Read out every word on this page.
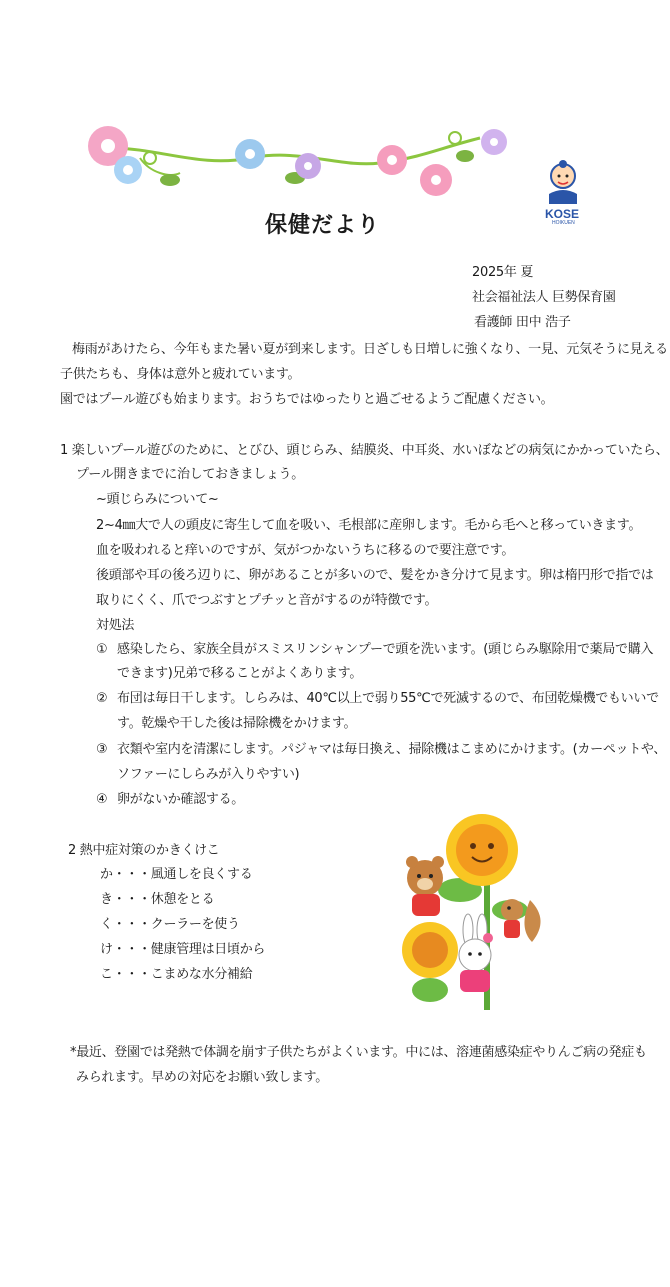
KOSE
HOIKUEN
保健だより
2025年 夏
社会福祉法人 巨勢保育園
看護師 田中 浩子
梅雨があけたら、今年もまた暑い夏が到来します。日ざしも日増しに強くなり、一見、元気そうに見える
子供たちも、身体は意外と疲れています。
園ではプール遊びも始まります。おうちではゆったりと過ごせるようご配慮ください。
1 楽しいプール遊びのために、とびひ、頭じらみ、結膜炎、中耳炎、水いぼなどの病気にかかっていたら、
プール開きまでに治しておきましょう。
~頭じらみについて~
2~4㎜大で人の頭皮に寄生して血を吸い、毛根部に産卵します。毛から毛へと移っていきます。
血を吸われると痒いのですが、気がつかないうちに移るので要注意です。
後頭部や耳の後ろ辺りに、卵があることが多いので、髪をかき分けて見ます。卵は楕円形で指では
取りにくく、爪でつぶすとプチッと音がするのが特徴です。
対処法
① 感染したら、家族全員がスミスリンシャンプーで頭を洗います。(頭じらみ駆除用で薬局で購入
できます)兄弟で移ることがよくあります。
② 布団は毎日干します。しらみは、40℃以上で弱り55℃で死滅するので、布団乾燥機でもいいで
す。乾燥や干した後は掃除機をかけます。
③ 衣類や室内を清潔にします。パジャマは毎日換え、掃除機はこまめにかけます。(カーペットや、
ソファーにしらみが入りやすい)
④ 卵がないか確認する。
2 熱中症対策のかきくけこ
か・・・風通しを良くする
き・・・休憩をとる
く・・・クーラーを使う
け・・・健康管理は日頃から
こ・・・こまめな水分補給
*最近、登園では発熱で体調を崩す子供たちがよくいます。中には、溶連菌感染症やりんご病の発症も
みられます。早めの対応をお願い致します。
